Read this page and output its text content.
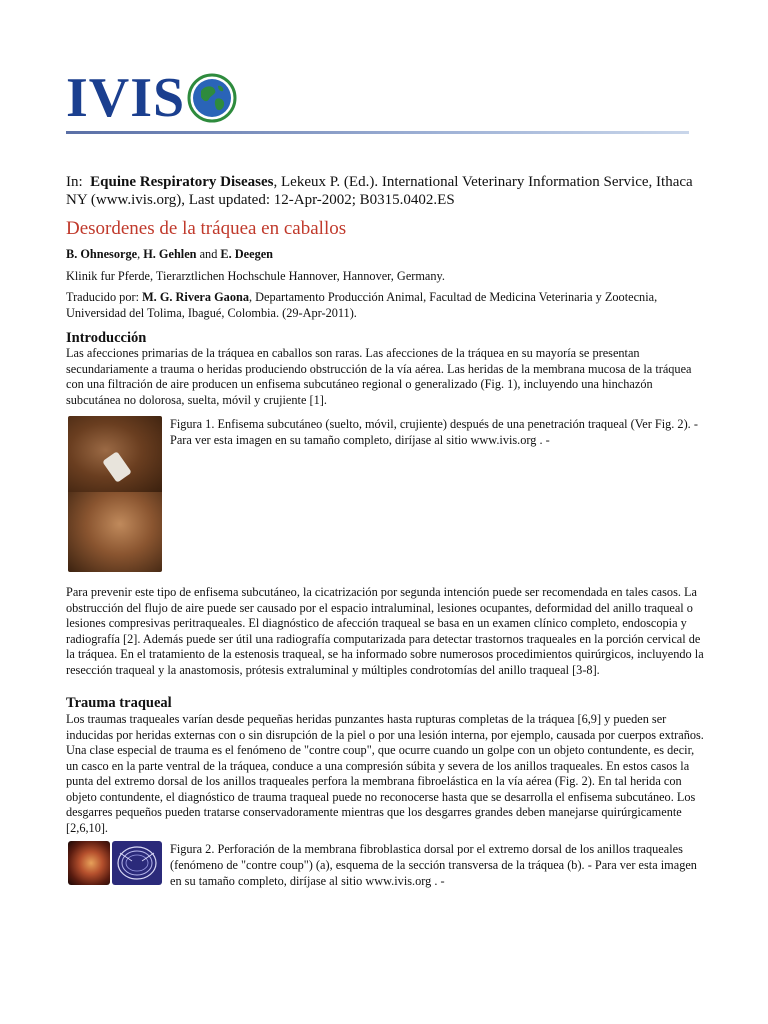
IVIS
In: Equine Respiratory Diseases, Lekeux P. (Ed.). International Veterinary Information Service, Ithaca NY (www.ivis.org), Last updated: 12-Apr-2002; B0315.0402.ES
Desordenes de la tráquea en caballos
B. Ohnesorge, H. Gehlen and E. Deegen
Klinik fur Pferde, Tierarztlichen Hochschule Hannover, Hannover, Germany.
Traducido por: M. G. Rivera Gaona, Departamento Producción Animal, Facultad de Medicina Veterinaria y Zootecnia, Universidad del Tolima, Ibagué, Colombia. (29-Apr-2011).
Introducción
Las afecciones primarias de la tráquea en caballos son raras. Las afecciones de la tráquea en su mayoría se presentan secundariamente a trauma o heridas produciendo obstrucción de la vía aérea. Las heridas de la membrana mucosa de la tráquea con una filtración de aire producen un enfisema subcutáneo regional o generalizado (Fig. 1), incluyendo una hinchazón subcutánea no dolorosa, suelta, móvil y crujiente [1].
Figura 1. Enfisema subcutáneo (suelto, móvil, crujiente) después de una penetración traqueal (Ver Fig. 2). - Para ver esta imagen en su tamaño completo, diríjase al sitio www.ivis.org . -
Para prevenir este tipo de enfisema subcutáneo, la cicatrización por segunda intención puede ser recomendada en tales casos. La obstrucción del flujo de aire puede ser causado por el espacio intraluminal, lesiones ocupantes, deformidad del anillo traqueal o lesiones compresivas peritraqueales. El diagnóstico de afección traqueal se basa en un examen clínico completo, endoscopia y radiografía [2]. Además puede ser útil una radiografía computarizada para detectar trastornos traqueales en la porción cervical de la tráquea. En el tratamiento de la estenosis traqueal, se ha informado sobre numerosos procedimientos quirúrgicos, incluyendo la resección traqueal y la anastomosis, prótesis extraluminal y múltiples condrotomías del anillo traqueal [3-8].
Trauma traqueal
Los traumas traqueales varían desde pequeñas heridas punzantes hasta rupturas completas de la tráquea [6,9] y pueden ser inducidas por heridas externas con o sin disrupción de la piel o por una lesión interna, por ejemplo, causada por cuerpos extraños. Una clase especial de trauma es el fenómeno de "contre coup", que ocurre cuando un golpe con un objeto contundente, es decir, un casco en la parte ventral de la tráquea, conduce a una compresión súbita y severa de los anillos traqueales. En estos casos la punta del extremo dorsal de los anillos traqueales perfora la membrana fibroelástica en la vía aérea (Fig. 2). En tal herida con objeto contundente, el diagnóstico de trauma traqueal puede no reconocerse hasta que se desarrolla el enfisema subcutáneo. Los desgarres pequeños pueden tratarse conservadoramente mientras que los desgarres grandes deben manejarse quirúrgicamente [2,6,10].
Figura 2. Perforación de la membrana fibroblastica dorsal por el extremo dorsal de los anillos traqueales (fenómeno de "contre coup") (a), esquema de la sección transversa de la tráquea (b). - Para ver esta imagen en su tamaño completo, diríjase al sitio www.ivis.org . -
